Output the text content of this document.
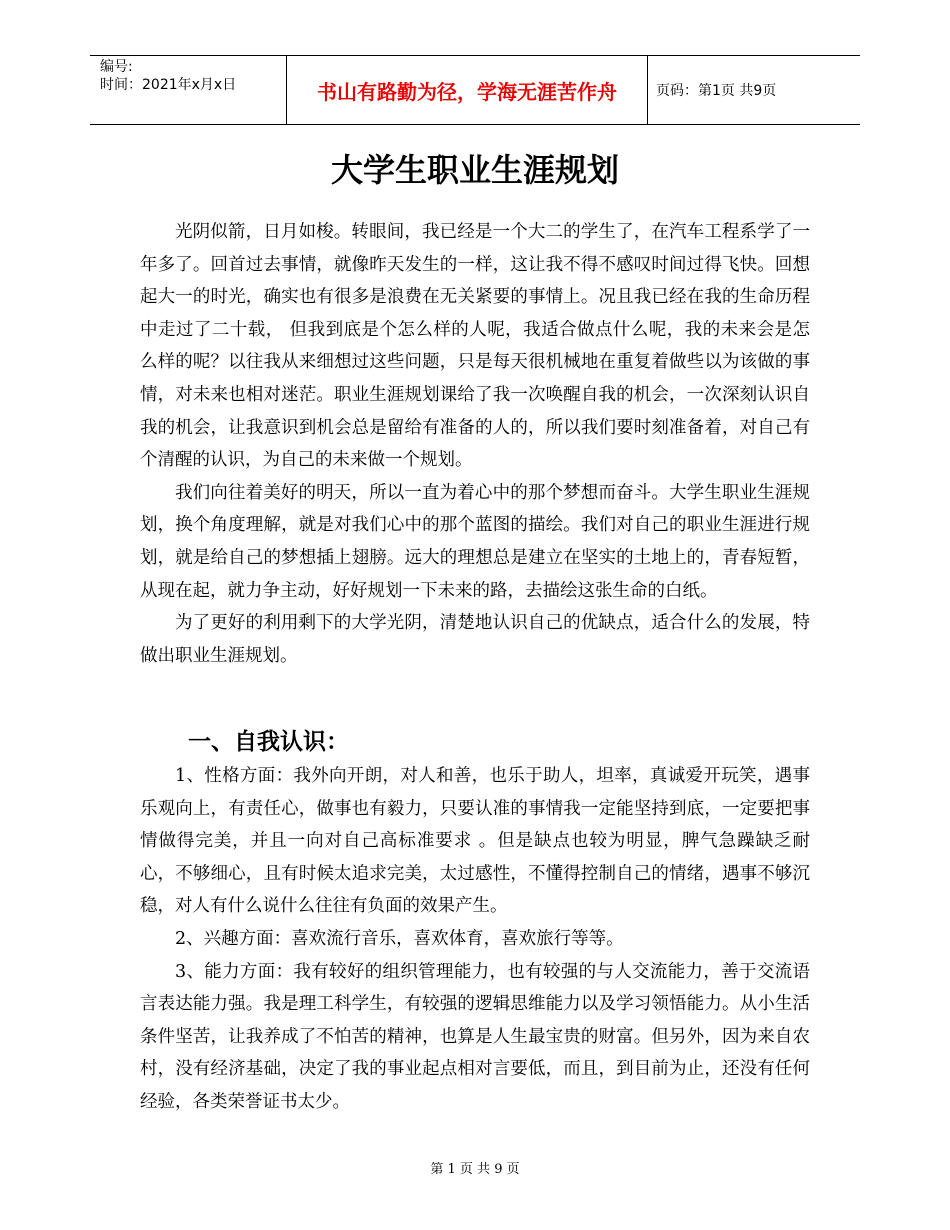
编号:
时间：2021年x月x日	书山有路勤为径，学海无涯苦作舟	页码：第1页 共9页
大学生职业生涯规划

光阴似箭，日月如梭。转眼间，我已经是一个大二的学生了，在汽车工程系学了一年多了。回首过去事情，就像昨天发生的一样，这让我不得不感叹时间过得飞快。回想起大一的时光，确实也有很多是浪费在无关紧要的事情上。况且我已经在我的生命历程中走过了二十载， 但我到底是个怎么样的人呢，我适合做点什么呢，我的未来会是怎么样的呢？以往我从来细想过这些问题，只是每天很机械地在重复着做些以为该做的事情，对未来也相对迷茫。职业生涯规划课给了我一次唤醒自我的机会，一次深刻认识自我的机会，让我意识到机会总是留给有准备的人的，所以我们要时刻准备着，对自己有个清醒的认识，为自己的未来做一个规划。

我们向往着美好的明天，所以一直为着心中的那个梦想而奋斗。大学生职业生涯规划，换个角度理解，就是对我们心中的那个蓝图的描绘。我们对自己的职业生涯进行规划，就是给自己的梦想插上翅膀。远大的理想总是建立在坚实的土地上的，青春短暂，从现在起，就力争主动，好好规划一下未来的路，去描绘这张生命的白纸。

为了更好的利用剩下的大学光阴，清楚地认识自己的优缺点，适合什么的发展，特做出职业生涯规划。

一、自我认识：

1、性格方面：我外向开朗，对人和善，也乐于助人，坦率，真诚爱开玩笑，遇事乐观向上，有责任心，做事也有毅力，只要认准的事情我一定能坚持到底，一定要把事情做得完美，并且一向对自己高标准要求 。但是缺点也较为明显，脾气急躁缺乏耐心，不够细心，且有时候太追求完美，太过感性，不懂得控制自己的情绪，遇事不够沉稳，对人有什么说什么往往有负面的效果产生。

2、兴趣方面：喜欢流行音乐，喜欢体育，喜欢旅行等等。

3、能力方面：我有较好的组织管理能力，也有较强的与人交流能力，善于交流语言表达能力强。我是理工科学生，有较强的逻辑思维能力以及学习领悟能力。从小生活条件坚苦，让我养成了不怕苦的精神，也算是人生最宝贵的财富。但另外，因为来自农村，没有经济基础，决定了我的事业起点相对言要低，而且，到目前为止，还没有任何经验，各类荣誉证书太少。

第 1 页 共 9 页
